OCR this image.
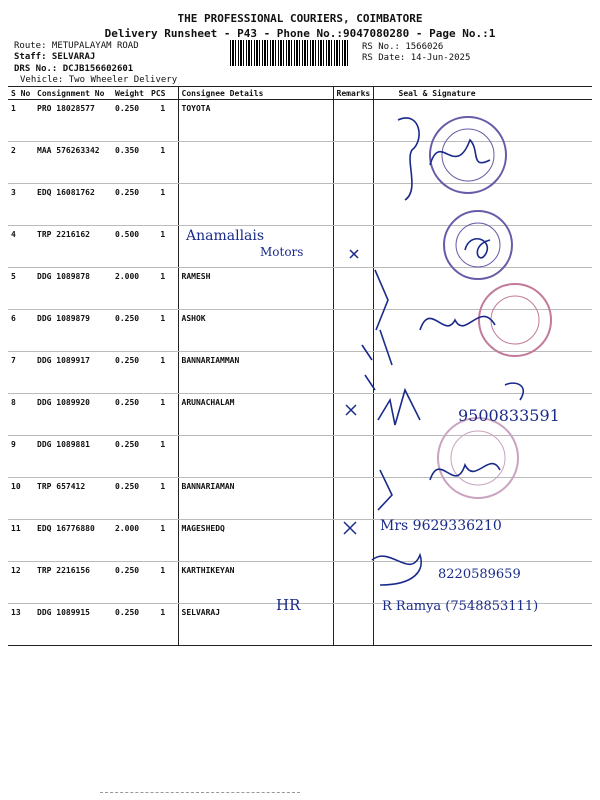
THE PROFESSIONAL COURIERS, COIMBATORE
Delivery Runsheet - P43 - Phone No.:9047080280 - Page No.:1
Route: METUPALAYAM ROAD
Staff: SELVARAJ
DRS No.: DCJB156602601
Vehicle: Two Wheeler Delivery
RS No.: 1566026
RS Date: 14-Jun-2025
S No	Consignment No	Weight	PCS	Consignee Details	Remarks	Seal & Signature
1	PRO 18028577	0.250	1	TOYOTA		
2	MAA 576263342	0.350	1			
3	EDQ 16081762	0.250	1			
4	TRP 2216162	0.500	1			
5	DDG 1089878	2.000	1	RAMESH		
6	DDG 1089879	0.250	1	ASHOK		
7	DDG 1089917	0.250	1	BANNARIAMMAN		
8	DDG 1089920	0.250	1	ARUNACHALAM		
9	DDG 1089881	0.250	1			
10	TRP 657412	0.250	1	BANNARIAMAN		
11	EDQ 16776880	2.000	1	MAGESHEDQ		
12	TRP 2216156	0.250	1	KARTHIKEYAN		
13	DDG 1089915	0.250	1	SELVARAJ		
Anamallais
Motors
9500833591
Mrs 9629336210
8220589659
HR	R Ramya (7548853111)
